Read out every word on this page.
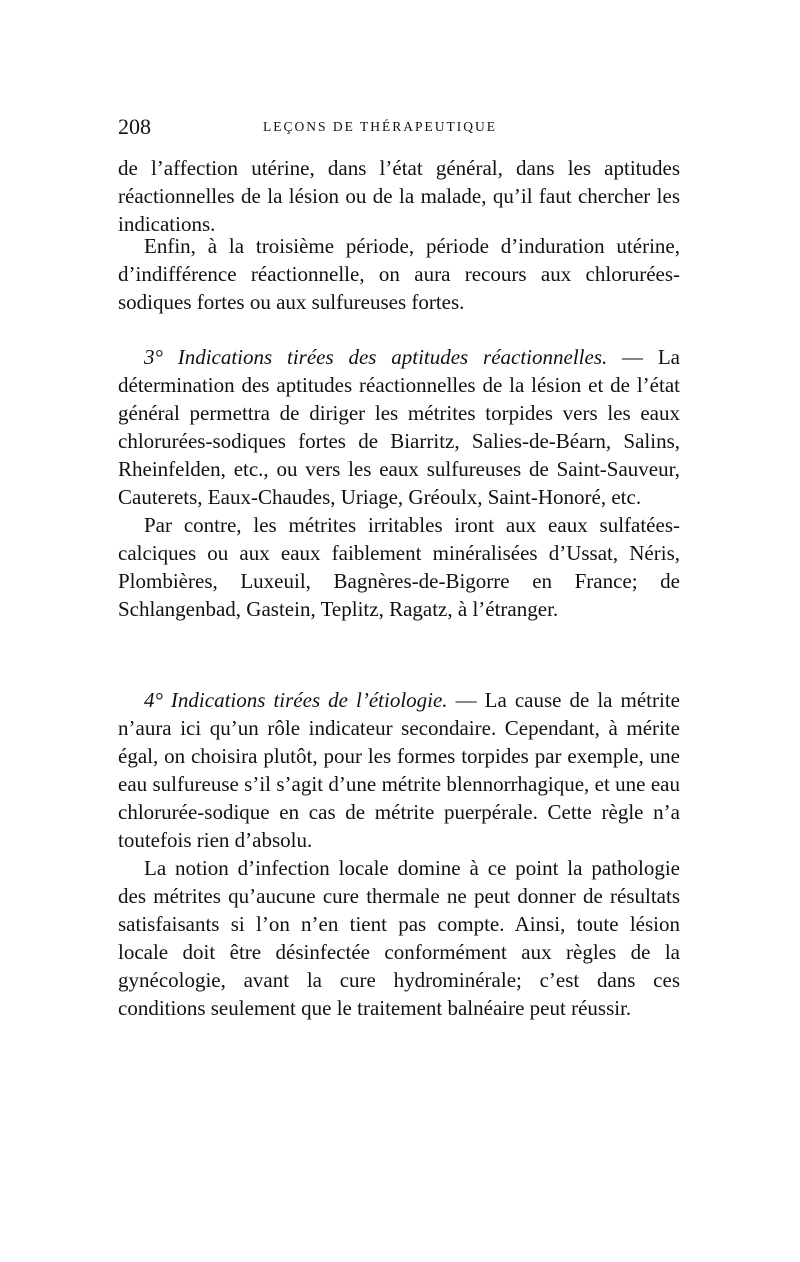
208	LEÇONS DE THÉRAPEUTIQUE

de l’affection utérine, dans l’état général, dans les aptitudes réactionnelles de la lésion ou de la malade, qu’il faut chercher les indications.

Enfin, à la troisième période, période d’induration utérine, d’indifférence réactionnelle, on aura recours aux chlorurées-sodiques fortes ou aux sulfureuses fortes.

3° Indications tirées des aptitudes réactionnelles. — La détermination des aptitudes réactionnelles de la lésion et de l’état général permettra de diriger les métrites torpides vers les eaux chlorurées-sodiques fortes de Biarritz, Salies-de-Béarn, Salins, Rheinfelden, etc., ou vers les eaux sulfureuses de Saint-Sauveur, Cauterets, Eaux-Chaudes, Uriage, Gréoulx, Saint-Honoré, etc.

Par contre, les métrites irritables iront aux eaux sulfatées-calciques ou aux eaux faiblement minéralisées d’Ussat, Néris, Plombières, Luxeuil, Bagnères-de-Bigorre en France; de Schlangenbad, Gastein, Teplitz, Ragatz, à l’étranger.

4° Indications tirées de l’étiologie. — La cause de la métrite n’aura ici qu’un rôle indicateur secondaire. Cependant, à mérite égal, on choisira plutôt, pour les formes torpides par exemple, une eau sulfureuse s’il s’agit d’une métrite blennorrhagique, et une eau chlorurée-sodique en cas de métrite puerpérale. Cette règle n’a toutefois rien d’absolu.

La notion d’infection locale domine à ce point la pathologie des métrites qu’aucune cure thermale ne peut donner de résultats satisfaisants si l’on n’en tient pas compte. Ainsi, toute lésion locale doit être désinfectée conformément aux règles de la gynécologie, avant la cure hydrominérale; c’est dans ces conditions seulement que le traitement balnéaire peut réussir.
